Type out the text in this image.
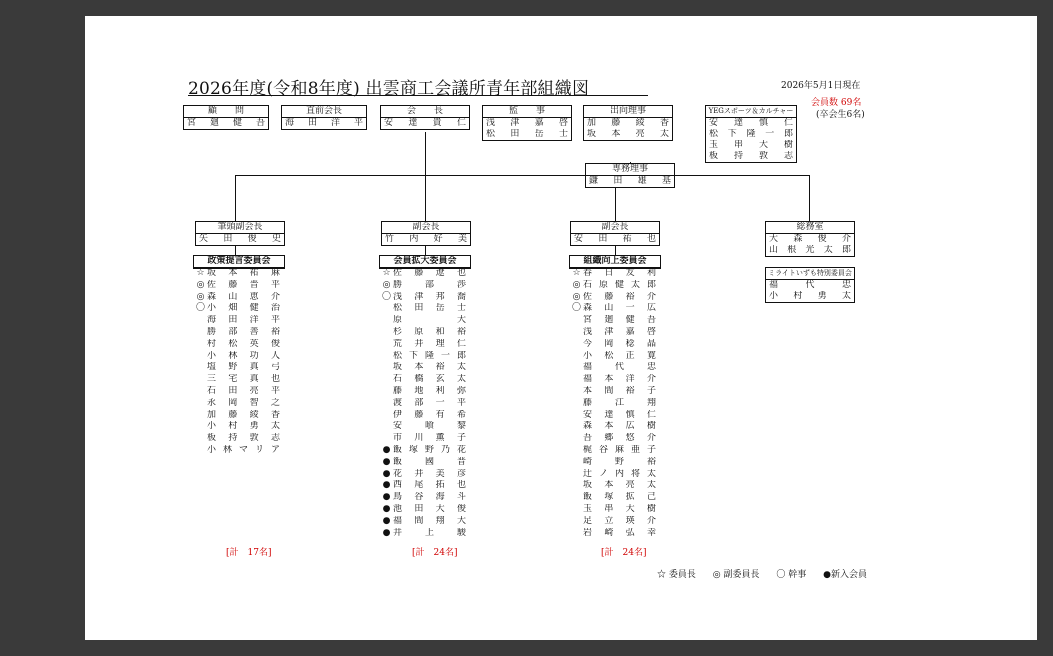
2026年度(令和8年度) 出雲商工会議所青年部組織図	2026年5月1日現在
会員数 69名
(卒会生6名)
顧　　問
宮 廻 健 吾
直前会長
海 田 洋 平
会　　長
安 達 貴 仁
監　　事
浅 津 嘉 啓
松 田 岳 士
出向理事
加 藤 綾 香
坂 本 亮 太
YEGスポーツ＆カルチャー
安 達 慎 仁
松 下 隆 一 郎
玉 串 大 樹
板 持 敦 志
専務理事
鎌 田 雄 基
筆頭副会長
矢 田 俊 史
副会長
竹 内 好 美
副会長
安 田 祐 也
総務室
大 森 俊 介
山 根 光 太 郎
ミライトいずも特別委員会
福 代 忠
小 村 勇 太
政策提言委員会	会員拡大委員会	組織向上委員会
☆ 坂 本 祐 麻
◎ 佐 藤 晋 平
◎ 森 山 恵 介
〇 小 畑 健 治
海 田 洋 平
勝 部 善 裕
村 松 英 俊
小 林 功 人
塩 野 真 弓
三 宅 真 也
石 田 亮 平
永 岡 智 之
加 藤 綾 香
小 村 勇 太
板 持 敦 志
小 林 マ リ ア
☆ 佐 藤 遼 也
◎ 勝 部 渉
〇 浅 津 邦 喬
松 田 岳 士
原 大
杉 原 和 裕
荒 井 理 仁
松 下 隆 一 郎
坂 本 裕 太
石 橋 玄 太
藤 地 利 弥
渡 部 一 平
伊 藤 有 希
安 喰 黎
市 川 薫 子
● 飯 塚 野 乃 花
● 飯 國 晋
● 花 井 美 彦
● 西 尾 拓 也
● 鳥 谷 海 斗
● 池 田 大 俊
● 福 間 翔 大
● 井 上 駿
☆ 春 日 友 利
◎ 石 原 健 太 郎
◎ 佐 藤 裕 介
〇 森 山 一 広
宮 廻 健 吾
浅 津 嘉 啓
今 岡 稔 晶
小 松 正 寛
福 代 忠
福 本 洋 介
本 間 裕 子
藤 江 翔
安 達 慎 仁
森 本 広 樹
吾 郷 悠 介
梶 谷 麻 亜 子
崎 野 裕
辻 ノ 内 将 太
坂 本 亮 太
飯 塚 拡 己
玉 串 大 樹
足 立 瑛 介
岩 崎 弘 幸
[計　17名]	[計　24名]	[計　24名]
☆ 委員長 ◎ 副委員長 〇 幹事 ●新入会員
